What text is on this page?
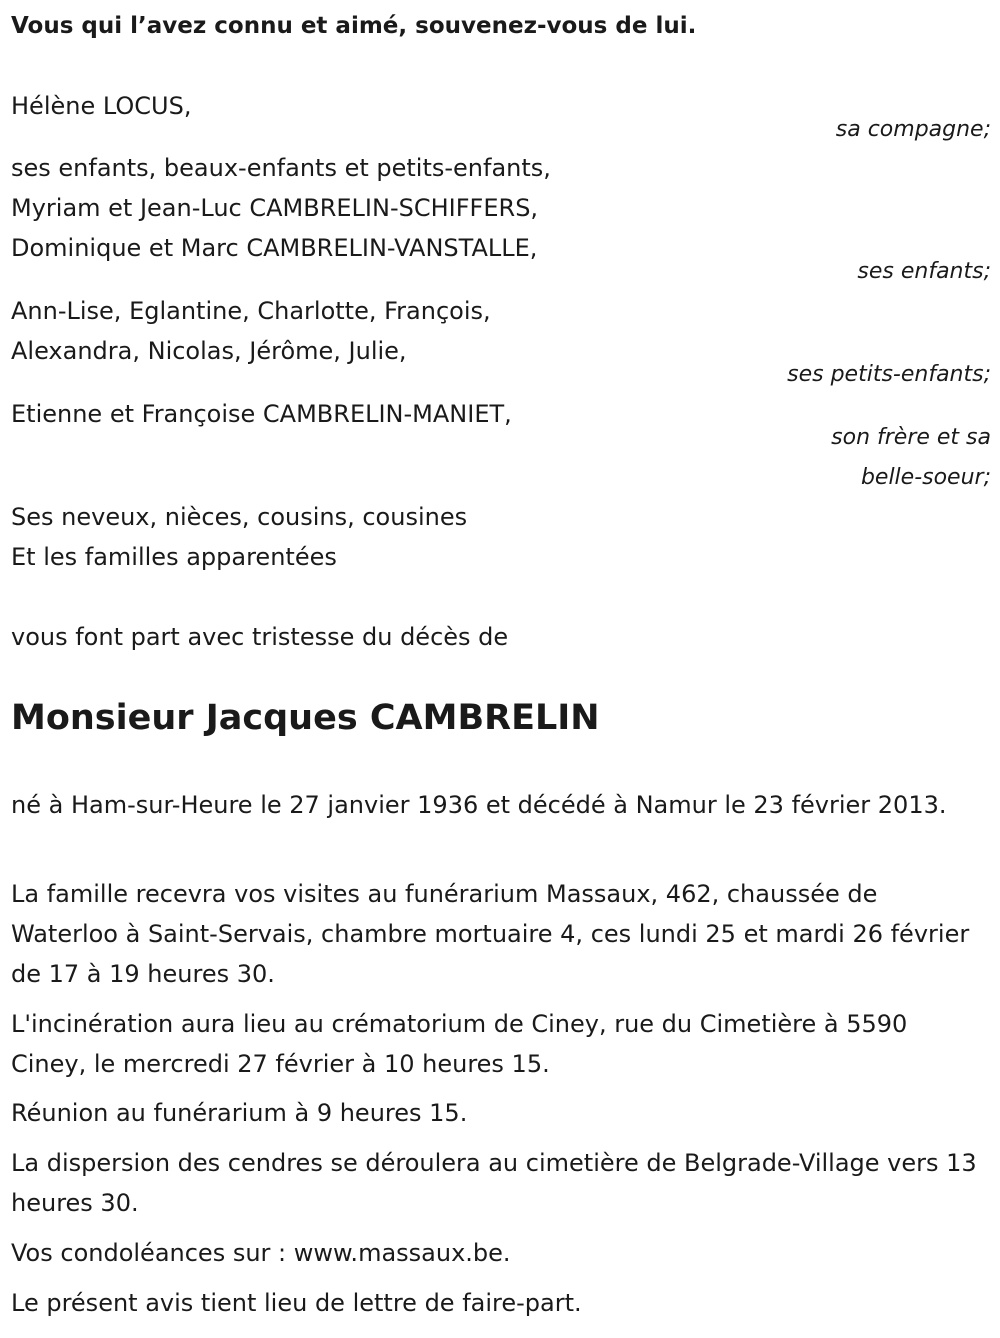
Vous qui l’avez connu et aimé, souvenez-vous de lui.
Hélène LOCUS,
sa compagne;
ses enfants, beaux-enfants et petits-enfants,
Myriam et Jean-Luc CAMBRELIN-SCHIFFERS,
Dominique et Marc CAMBRELIN-VANSTALLE,
ses enfants;
Ann-Lise, Eglantine, Charlotte, François,
Alexandra, Nicolas, Jérôme, Julie,
ses petits-enfants;
Etienne et Françoise CAMBRELIN-MANIET,
son frère et sa
belle-soeur;
Ses neveux, nièces, cousins, cousines
Et les familles apparentées
vous font part avec tristesse du décès de
Monsieur Jacques CAMBRELIN
né à Ham-sur-Heure le 27 janvier 1936 et décédé à Namur le 23 février 2013.
La famille recevra vos visites au funérarium Massaux, 462, chaussée de Waterloo à Saint-Servais, chambre mortuaire 4, ces lundi 25 et mardi 26 février de 17 à 19 heures 30.
L'incinération aura lieu au crématorium de Ciney, rue du Cimetière à 5590 Ciney, le mercredi 27 février à 10 heures 15.
Réunion au funérarium à 9 heures 15.
La dispersion des cendres se déroulera au cimetière de Belgrade-Village vers 13 heures 30.
Vos condoléances sur : www.massaux.be.
Le présent avis tient lieu de lettre de faire-part.
